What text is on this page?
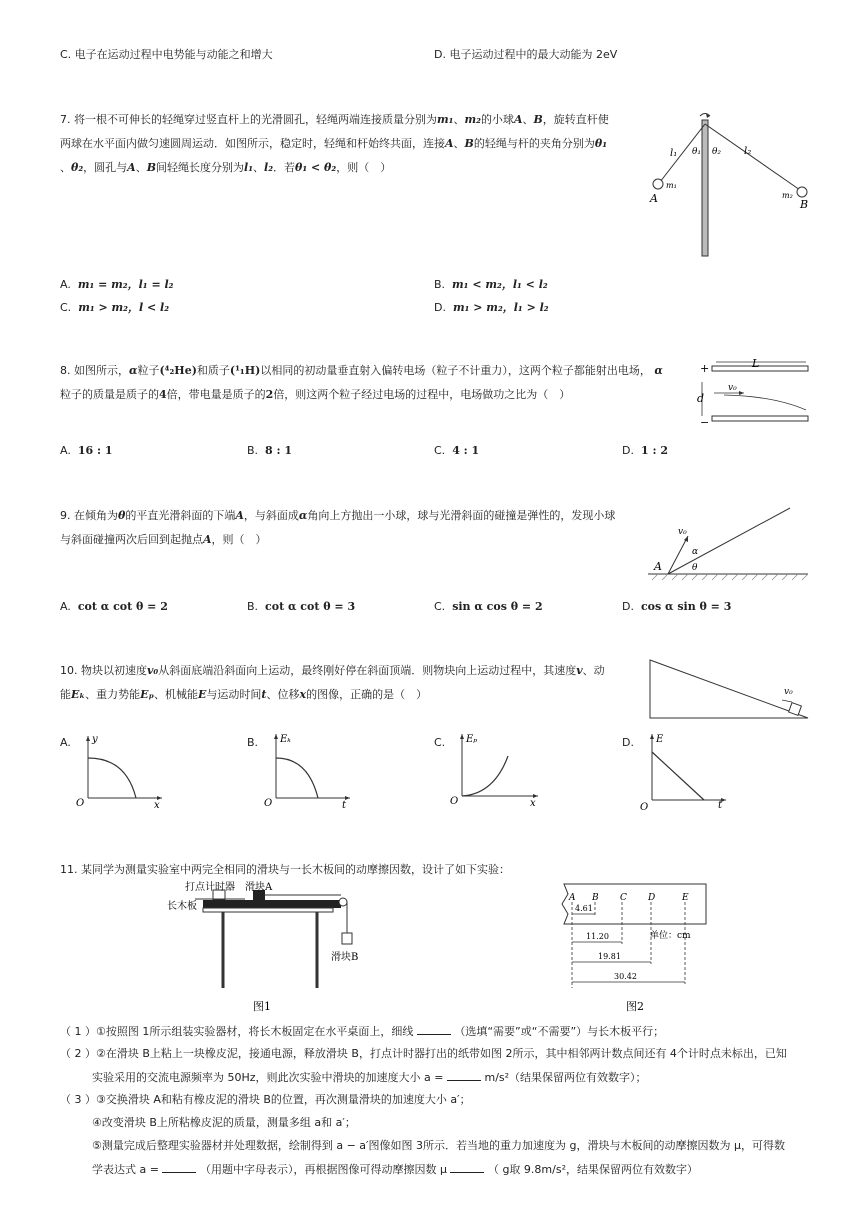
C. 电子在运动过程中电势能与动能之和增大	D. 电子运动过程中的最大动能为 2eV
7. 将一根不可伸长的轻绳穿过竖直杆上的光滑圆孔，轻绳两端连接质量分别为m₁、m₂的小球A、B，旋转直杆使
两球在水平面内做匀速圆周运动．如图所示，稳定时，轻绳和杆始终共面，连接A、B的轻绳与杆的夹角分别为θ₁
、θ₂，圆孔与A、B间轻绳长度分别为l₁、l₂．若θ₁ < θ₂，则（　）
l₁ θ₁ θ₂ l₂
m₁
m₂
A	B
A. m₁ = m₂，l₁ = l₂	B. m₁ < m₂，l₁ < l₂
C. m₁ > m₂，l < l₂	D. m₁ > m₂，l₁ > l₂
8. 如图所示，α粒子(⁴₂He)和质子(¹₁H)以相同的初动量垂直射入偏转电场（粒子不计重力），这两个粒子都能射出电场， α
粒子的质量是质子的4倍，带电量是质子的2倍，则这两个粒子经过电场的过程中，电场做功之比为（　）
+
−
L
d
v₀
A. 16 : 1	B. 8 : 1	C. 4 : 1	D. 1 : 2
9. 在倾角为θ的平直光滑斜面的下端A，与斜面成α角向上方抛出一小球，球与光滑斜面的碰撞是弹性的，发现小球
与斜面碰撞两次后回到起抛点A，则（　）
v₀
α
θ
A
A. cot α cot θ = 2	B. cot α cot θ = 3	C. sin α cos θ = 2	D. cos α sin θ = 3
10. 物块以初速度v₀从斜面底端沿斜面向上运动，最终刚好停在斜面顶端．则物块向上运动过程中，其速度v、动
能Eₖ、重力势能Eₚ、机械能E与运动时间t、位移x的图像，正确的是（　）	v₀
A. y
x
O
B. Eₖ
t
O
C. Eₚ
x
O
D. E
t
O
11. 某同学为测量实验室中两完全相同的滑块与一长木板间的动摩擦因数，设计了如下实验：
打点计时器 滑块A
长木板
滑块B
图1
A B C D	E
4.61
11.20
19.81
30.42
单位：cm
图2
（ 1 ）①按照图 1所示组装实验器材，将长木板固定在水平桌面上，细线	（选填“需要”或“不需要”）与长木板平行；
（ 2 ）②在滑块 B上粘上一块橡皮泥，接通电源，释放滑块 B，打点计时器打出的纸带如图 2所示，其中相邻两计数点间还有 4个计时点未标出，已知
实验采用的交流电源频率为 50Hz，则此次实验中滑块的加速度大小 a =	m/s²（结果保留两位有效数字）；
（ 3 ）③交换滑块 A和粘有橡皮泥的滑块 B的位置，再次测量滑块的加速度大小 a′；
④改变滑块 B上所粘橡皮泥的质量，测量多组 a和 a′；
⑤测量完成后整理实验器材并处理数据，绘制得到 a − a′图像如图 3所示．若当地的重力加速度为 g，滑块与木板间的动摩擦因数为 μ，可得数
学表达式 a =	（用题中字母表示），再根据图像可得动摩擦因数 μ	（ g取 9.8m/s²，结果保留两位有效数字）
